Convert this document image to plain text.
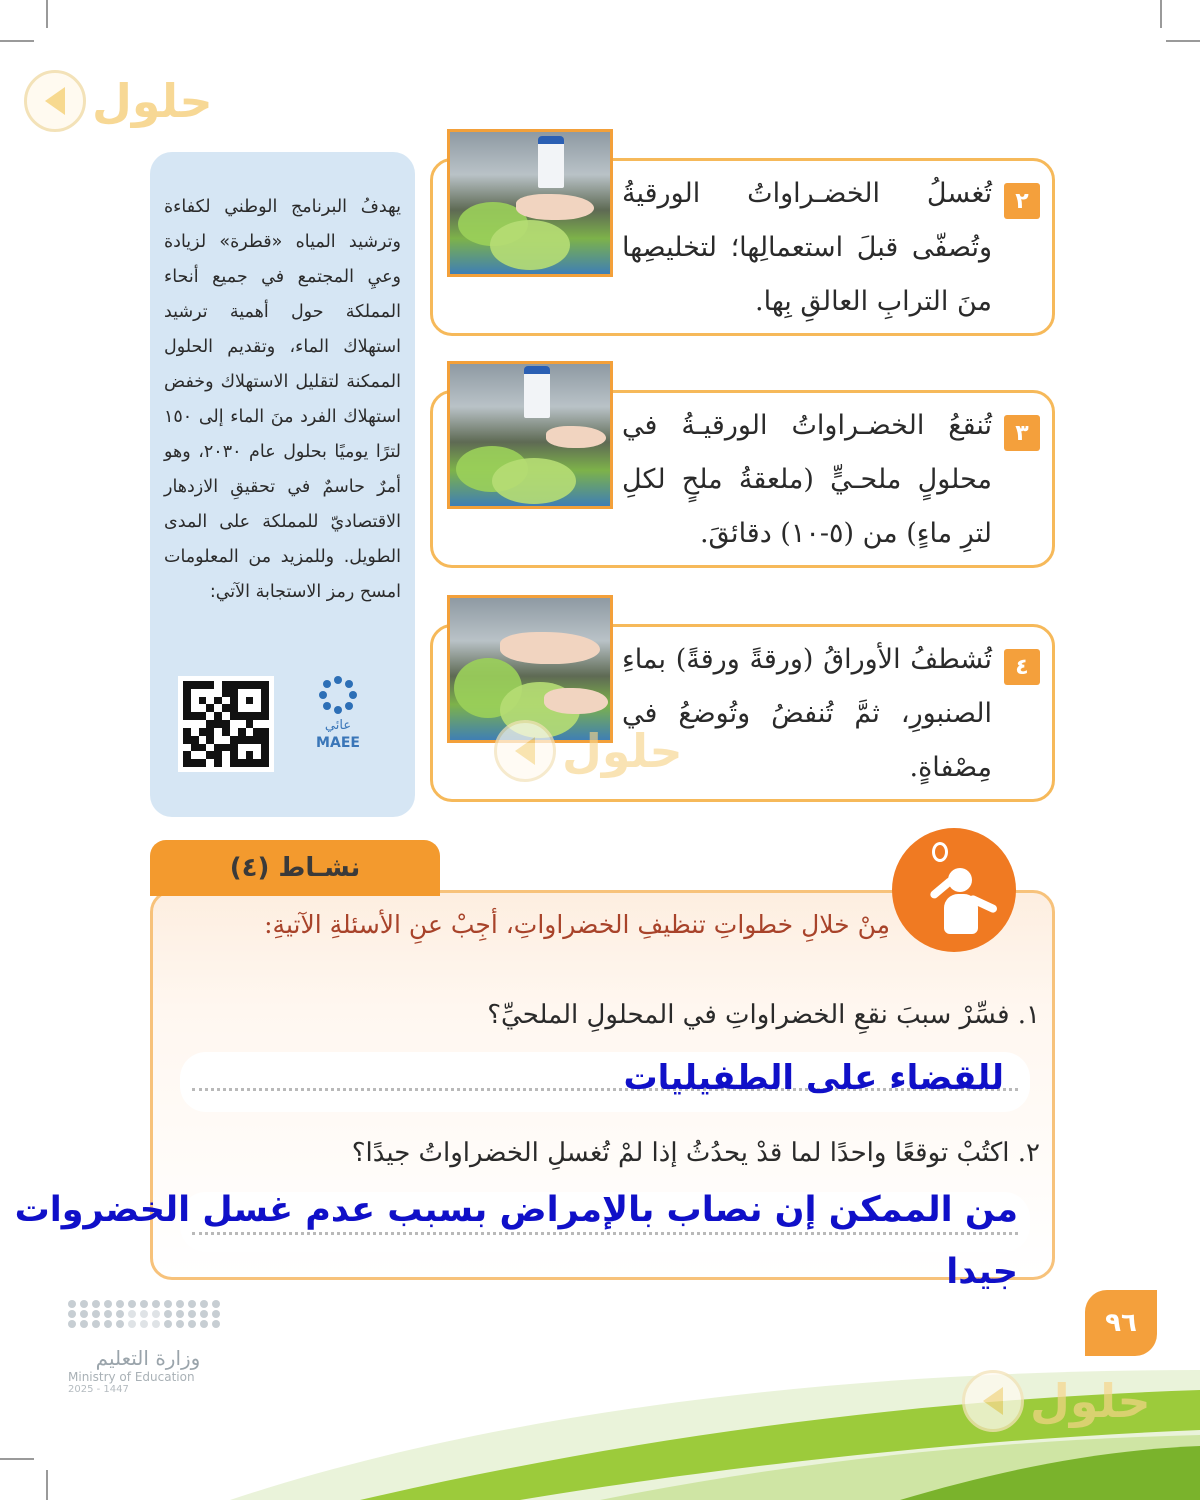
حلول

يهدفُ البرنامج الوطني لكفاءة وترشيد المياه «قطرة» لزيادة وعيِ المجتمع في جميع أنحاء المملكة حول أهمية ترشيد استهلاك الماء، وتقديم الحلول الممكنة لتقليل الاستهلاك وخفض استهلاك الفرد منَ الماء إلى ١٥٠ لترًا يوميًا بحلول عام ٢٠٣٠، وهو أمرٌ حاسمٌ في تحقيقِ الازدهار الاقتصاديّ للمملكة على المدى الطويل. وللمزيد من المعلومات امسح رمز الاستجابة الآتي:

عائي
MAEE
٢
تُغسلُ الخضـراواتُ الورقيةُ وتُصفّى قبلَ استعمالِها؛ لتخليصِها منَ الترابِ العالقِ بِها.
٣
تُنقعُ الخضـراواتُ الورقيـةُ في محلولٍ ملحـيٍّ (ملعقةُ ملحٍ لكلِ لترِ ماءٍ) من (٥-١٠) دقائقَ.
٤
تُشطفُ الأوراقُ (ورقةً ورقةً) بماءِ الصنبورِ، ثمَّ تُنفضُ وتُوضعُ في مِصْفاةٍ.
حلول
نشـاط (٤)
مِنْ خلالِ خطواتِ تنظيفِ الخضراواتِ، أجِبْ عنِ الأسئلةِ الآتيةِ:
١. فسِّرْ سببَ نقعِ الخضراواتِ في المحلولِ الملحيِّ؟
للقضاء على الطفيليات
٢. اكتُبْ توقعًا واحدًا لما قدْ يحدُثُ إذا لمْ تُغسلِ الخضراواتُ جيدًا؟
من الممكن إن نصاب بالإمراض بسبب عدم غسل الخضروات
جيدا
٩٦
حلول
وزارة التعليم
Ministry of Education
2025 - 1447
